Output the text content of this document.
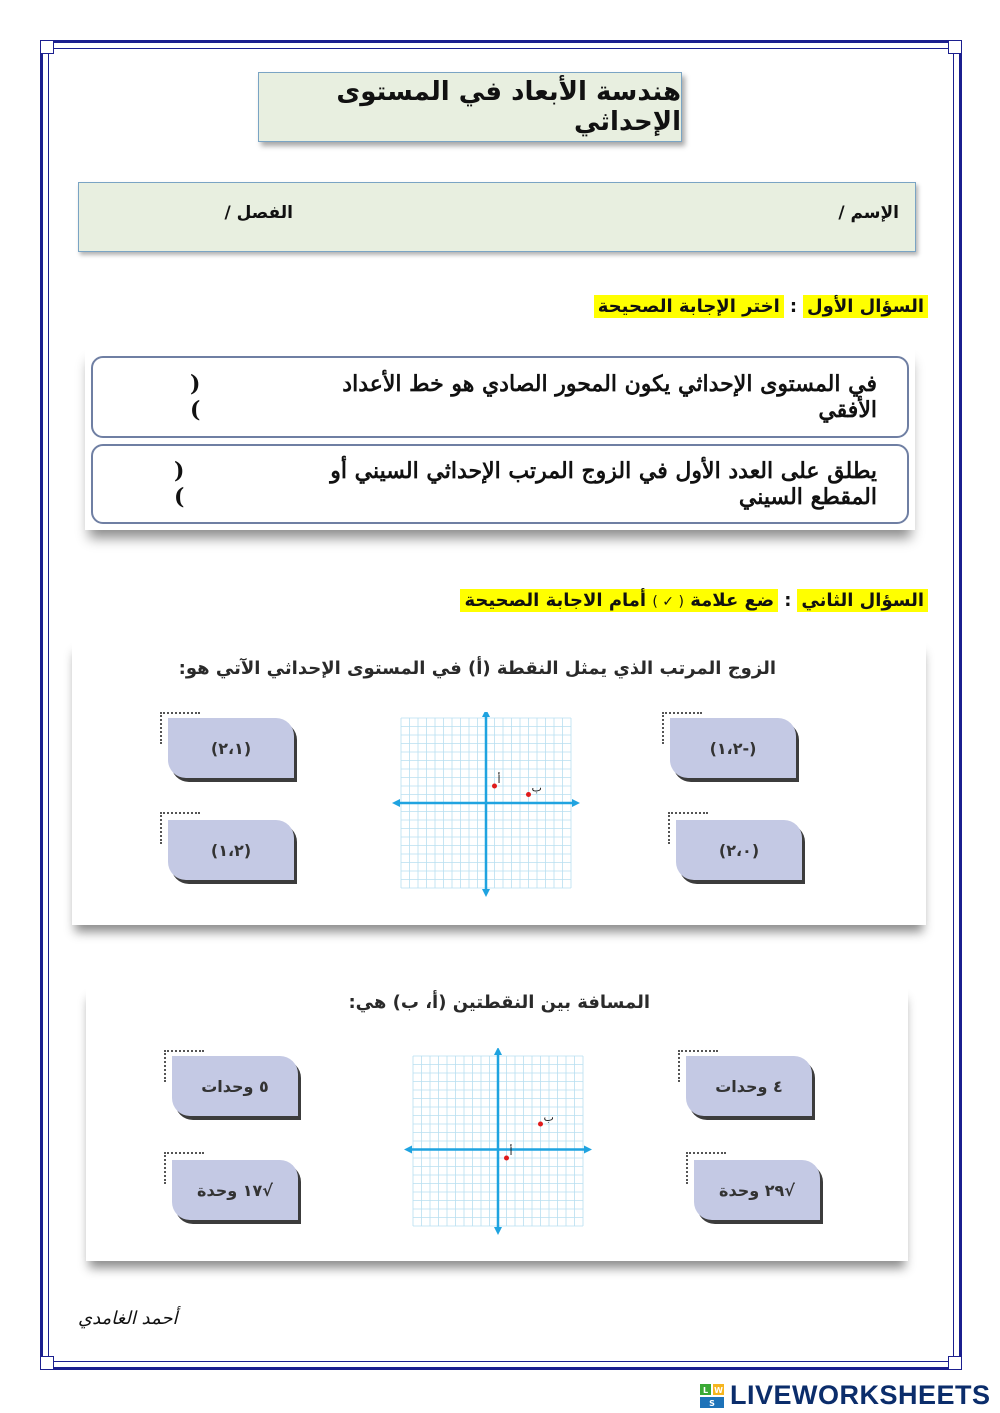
هندسة الأبعاد في المستوى الإحداثي
الإسم /
الفصل /
السؤال الأول
:
اختر الإجابة الصحيحة
في المستوى الإحداثي يكون المحور الصادي هو خط الأعداد الأفقي
( )
يطلق على العدد الأول في الزوج المرتب الإحداثي السيني أو المقطع السيني
( )
السؤال الثاني
:
ضع علامة ( ✓ ) أمام الاجابة الصحيحة
الزوج المرتب الذي يمثل النقطة (أ) في المستوى الإحداثي الآتي هو:
(-١،٢)
(٢،١)
(٢،٠)
(١،٢)
أ
ب
المسافة بين النقطتين (أ، ب) هي:
٤ وحدات
٥ وحدات
√٢٩ وحدة
√١٧ وحدة
أ
ب
أحمد الغامدي
L W
S LIVEWORKSHEETS
